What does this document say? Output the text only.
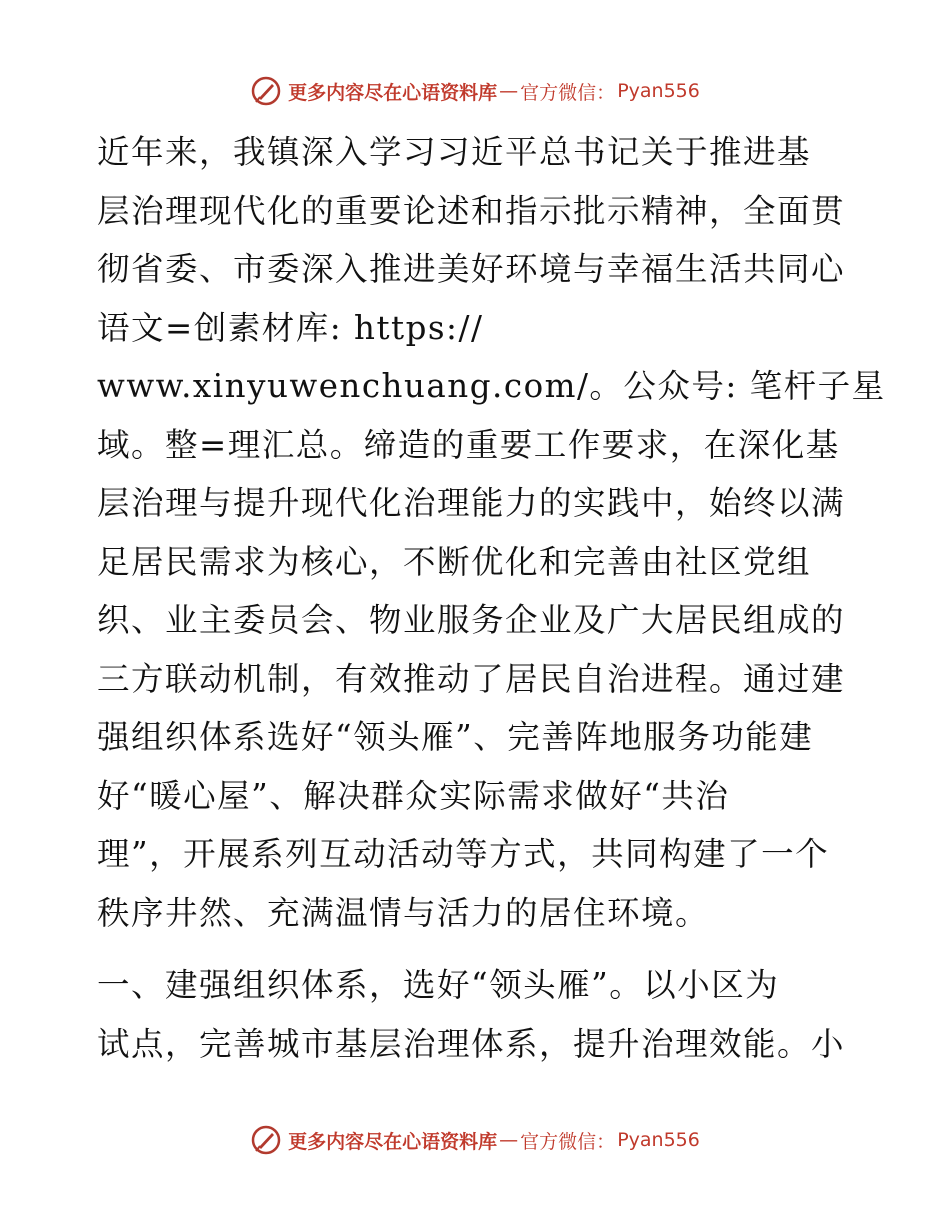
更多内容尽在心语资料库 — 官方微信： Pyan556
近年来，我镇深入学习习近平总书记关于推进基
层治理现代化的重要论述和指示批示精神，全面贯
彻省委、市委深入推进美好环境与幸福生活共同心
语文=创素材库: https://
www.xinyuwenchuang.com/。公众号: 笔杆子星
域。整=理汇总。缔造的重要工作要求，在深化基
层治理与提升现代化治理能力的实践中，始终以满
足居民需求为核心，不断优化和完善由社区党组
织、业主委员会、物业服务企业及广大居民组成的
三方联动机制，有效推动了居民自治进程。通过建
强组织体系选好“领头雁”、完善阵地服务功能建
好“暖心屋”、解决群众实际需求做好“共治
理”，开展系列互动活动等方式，共同构建了一个
秩序井然、充满温情与活力的居住环境。
一、建强组织体系，选好“领头雁”。以小区为
试点，完善城市基层治理体系，提升治理效能。小
更多内容尽在心语资料库 — 官方微信： Pyan556
